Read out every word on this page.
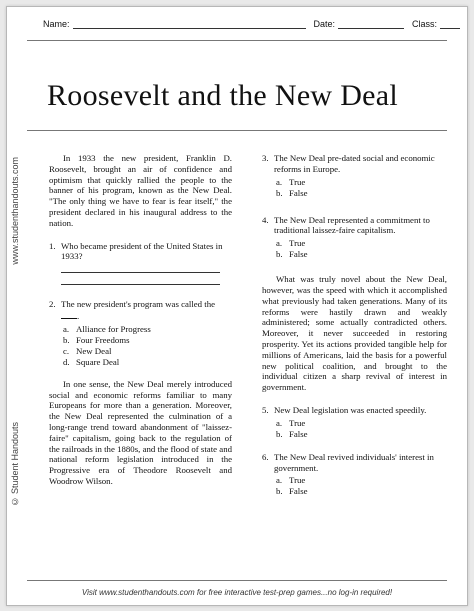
Name:	Date:	Class:
Roosevelt and the New Deal
www.studenthandouts.com
© Student Handouts

In 1933 the new president, Franklin D. Roosevelt, brought an air of confidence and optimism that quickly rallied the people to the banner of his program, known as the New Deal. "The only thing we have to fear is fear itself," the president declared in his inaugural address to the nation.

1. Who became president of the United States in 1933?
2. The new president's program was called the .
a. Alliance for Progress
b. Four Freedoms
c. New Deal
d. Square Deal

In one sense, the New Deal merely introduced social and economic reforms familiar to many Europeans for more than a generation. Moreover, the New Deal represented the culmination of a long-range trend toward abandonment of "laissez-faire" capitalism, going back to the regulation of the railroads in the 1880s, and the flood of state and national reform legislation introduced in the Progressive era of Theodore Roosevelt and Woodrow Wilson.

3. The New Deal pre-dated social and economic reforms in Europe.
a. True
b. False
4. The New Deal represented a commitment to traditional laissez-faire capitalism.
a. True
b. False

What was truly novel about the New Deal, however, was the speed with which it accomplished what previously had taken generations. Many of its reforms were hastily drawn and weakly administered; some actually contradicted others. Moreover, it never succeeded in restoring prosperity. Yet its actions provided tangible help for millions of Americans, laid the basis for a powerful new political coalition, and brought to the individual citizen a sharp revival of interest in government.

5. New Deal legislation was enacted speedily.
a. True
b. False
6. The New Deal revived individuals' interest in government.
a. True
b. False
Visit www.studenthandouts.com for free interactive test-prep games...no log-in required!
